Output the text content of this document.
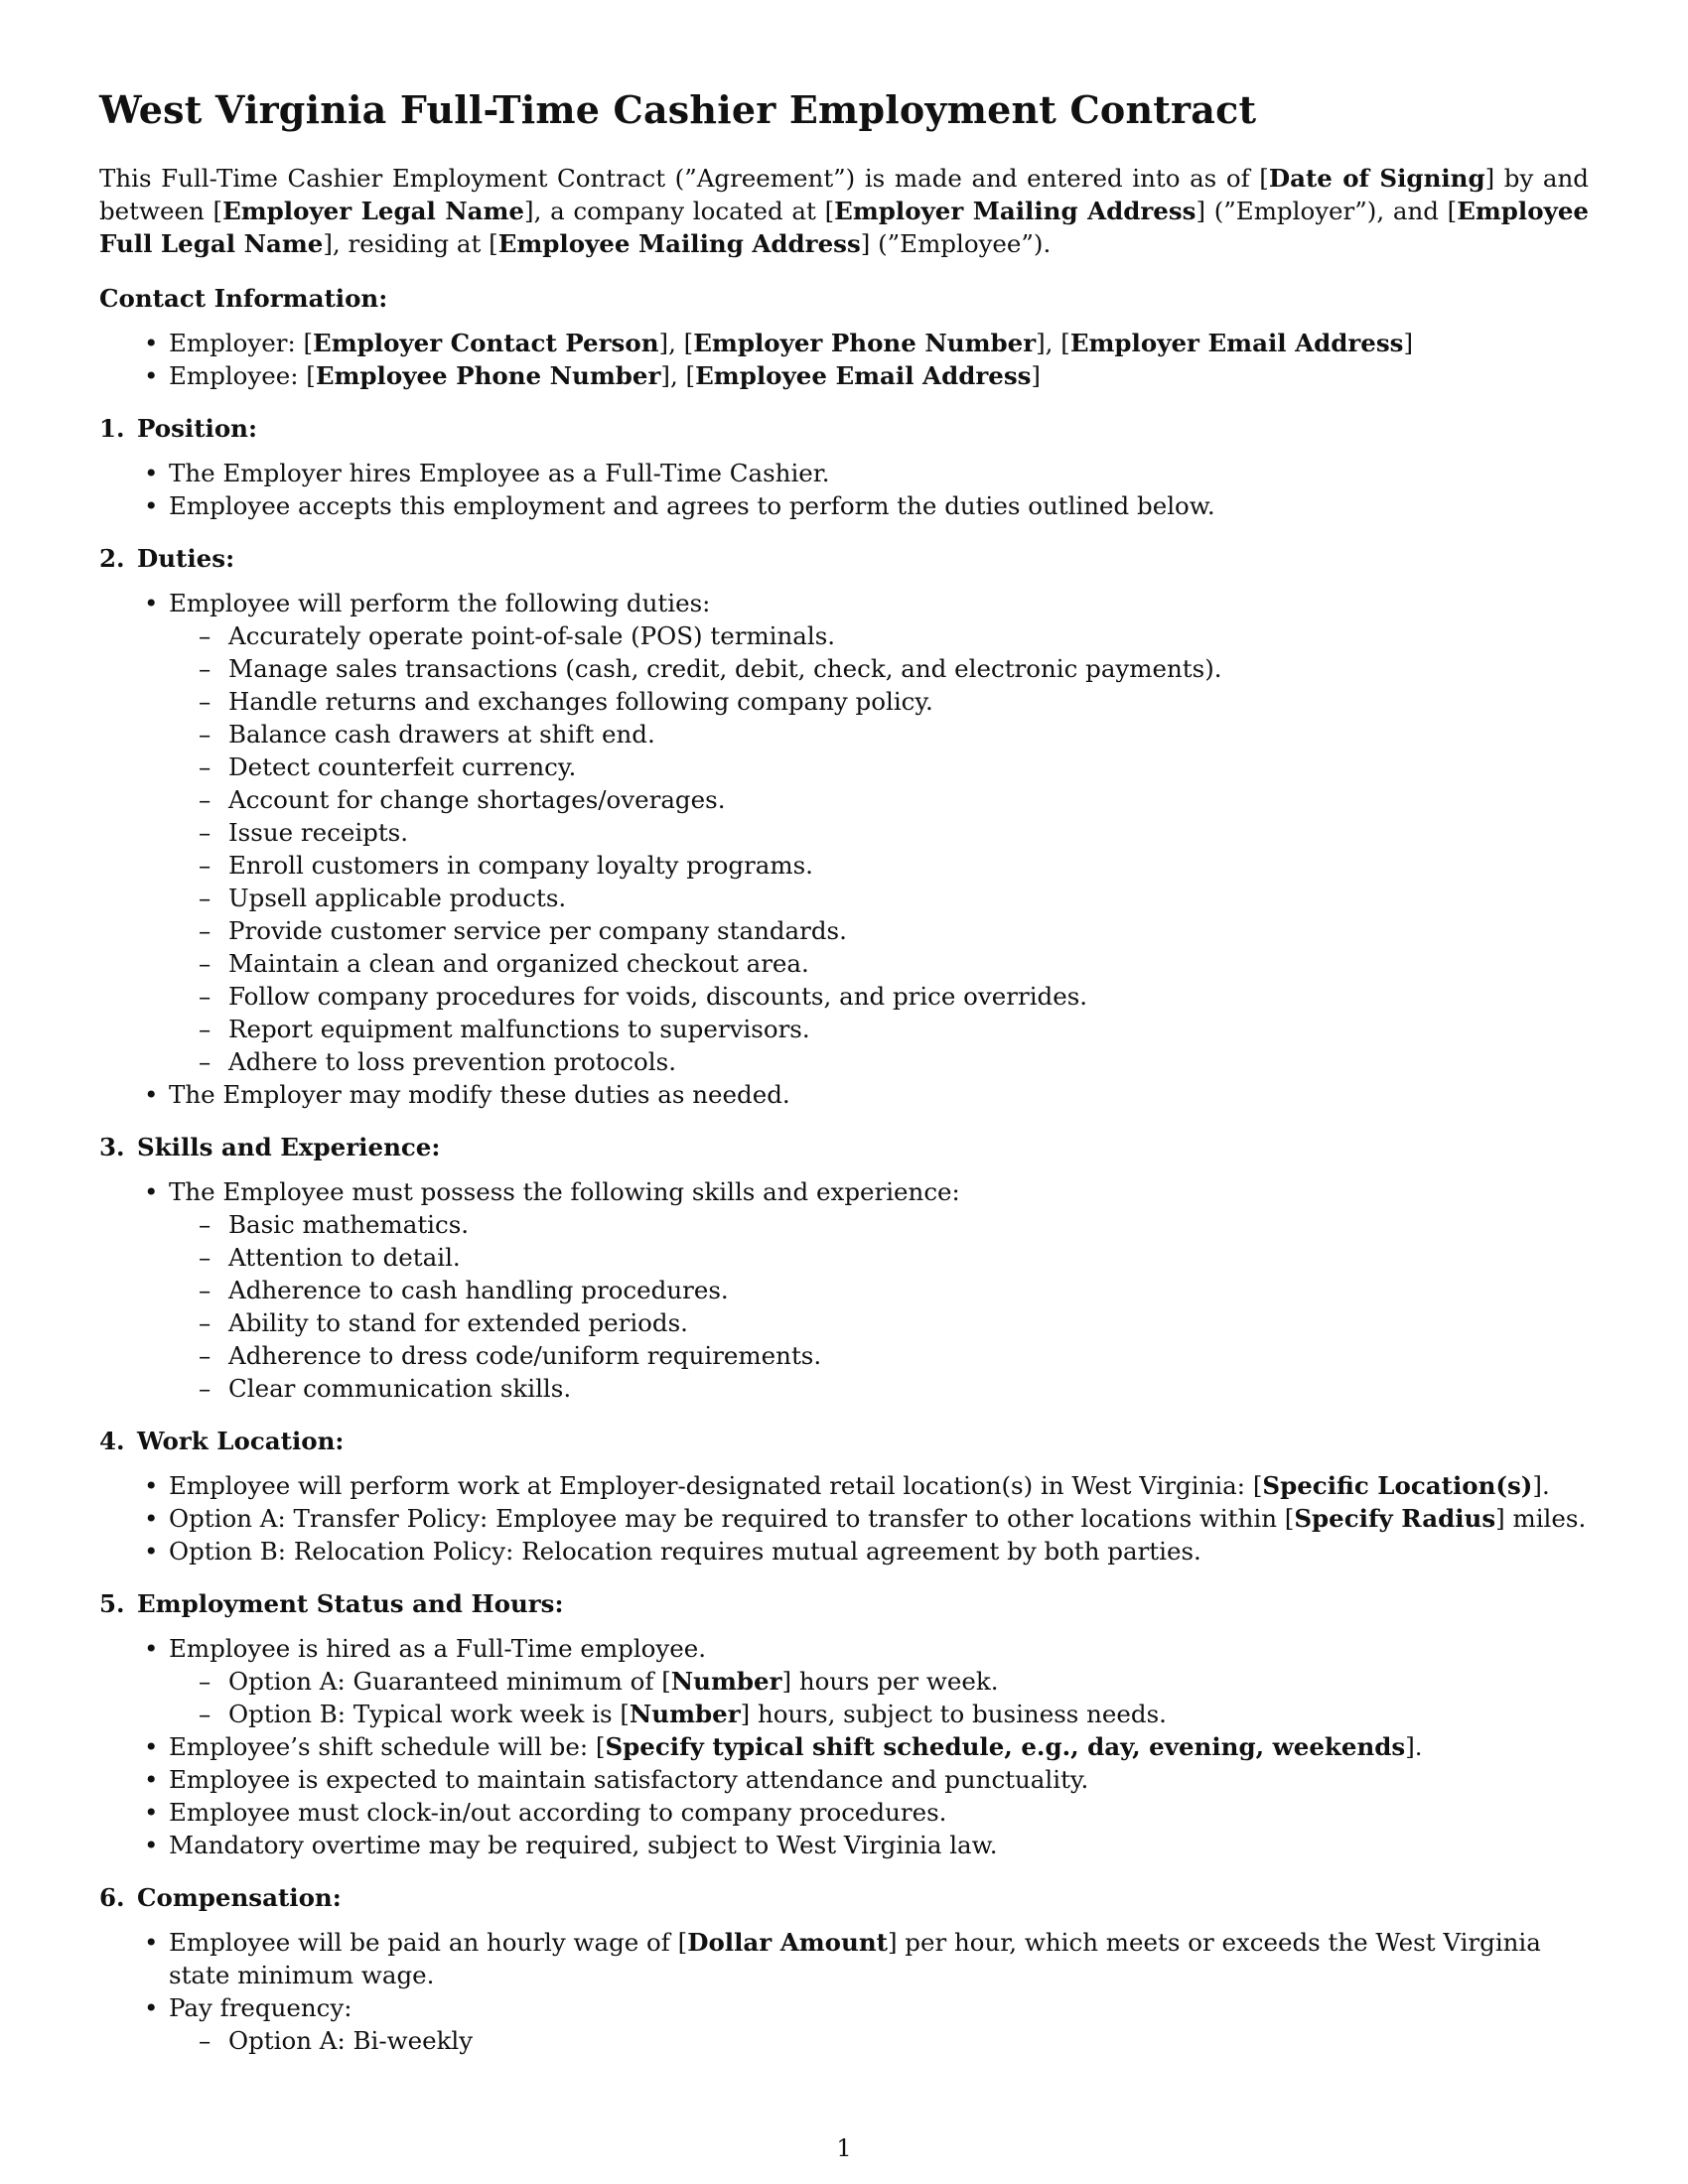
West Virginia Full-Time Cashier Employment Contract

This Full-Time Cashier Employment Contract (”Agreement”) is made and entered into as of [Date of Signing] by and between [Employer Legal Name], a company located at [Employer Mailing Address] (”Employer”), and [Employee Full Legal Name], residing at [Employee Mailing Address] (”Employee”).

Contact Information:
• Employer: [Employer Contact Person], [Employer Phone Number], [Employer Email Address]
• Employee: [Employee Phone Number], [Employee Email Address]
1. Position:
• The Employer hires Employee as a Full-Time Cashier.
• Employee accepts this employment and agrees to perform the duties outlined below.
2. Duties:
• Employee will perform the following duties:
– Accurately operate point-of-sale (POS) terminals.
– Manage sales transactions (cash, credit, debit, check, and electronic payments).
– Handle returns and exchanges following company policy.
– Balance cash drawers at shift end.
– Detect counterfeit currency.
– Account for change shortages/overages.
– Issue receipts.
– Enroll customers in company loyalty programs.
– Upsell applicable products.
– Provide customer service per company standards.
– Maintain a clean and organized checkout area.
– Follow company procedures for voids, discounts, and price overrides.
– Report equipment malfunctions to supervisors.
– Adhere to loss prevention protocols.
• The Employer may modify these duties as needed.
3. Skills and Experience:
• The Employee must possess the following skills and experience:
– Basic mathematics.
– Attention to detail.
– Adherence to cash handling procedures.
– Ability to stand for extended periods.
– Adherence to dress code/uniform requirements.
– Clear communication skills.
4. Work Location:
• Employee will perform work at Employer-designated retail location(s) in West Virginia: [Specific Location(s)].
• Option A: Transfer Policy: Employee may be required to transfer to other locations within [Specify Radius] miles.
• Option B: Relocation Policy: Relocation requires mutual agreement by both parties.
5. Employment Status and Hours:
• Employee is hired as a Full-Time employee.
– Option A: Guaranteed minimum of [Number] hours per week.
– Option B: Typical work week is [Number] hours, subject to business needs.
• Employee’s shift schedule will be: [Specify typical shift schedule, e.g., day, evening, weekends].
• Employee is expected to maintain satisfactory attendance and punctuality.
• Employee must clock-in/out according to company procedures.
• Mandatory overtime may be required, subject to West Virginia law.
6. Compensation:
• Employee will be paid an hourly wage of [Dollar Amount] per hour, which meets or exceeds the West Virginia state minimum wage.
• Pay frequency:
– Option A: Bi-weekly
1
